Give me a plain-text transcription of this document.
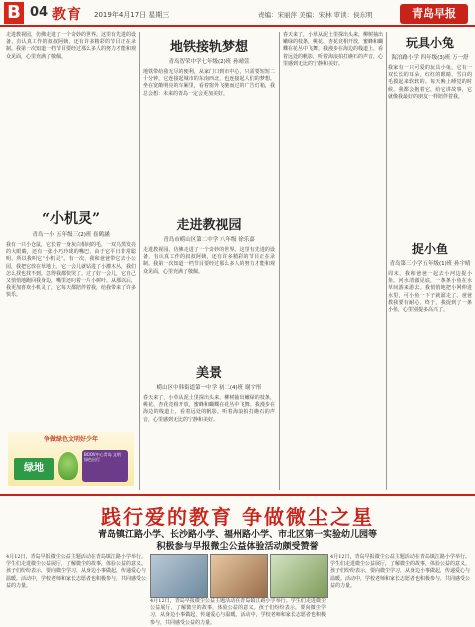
B 04 教育 2019年4月17日 星期三	责编：宋丽萍 美编：宋林 审读：侯东明	青岛早报
“小机灵”
青岛一小 五年级三(2)班 崔鹤涵
我有一只小仓鼠，它长着一身灰白相间的毛，一双乌黑发亮的大眼睛，还有一张小巧玲珑的嘴巴，由于它平日非常聪明，所以我叫它“小机灵”。有一次，我和爸爸带它去小公园，我把它放在草地上，它一会儿就钻进了小灌木丛，我们怎么找也找不到，急得我都快哭了。过了好一会儿，它自己又悄悄地跑回我身边，嘴里还叼着一片小树叶。从那以后，我更加喜欢小机灵了，它每天都陪伴着我，给我带来了许多快乐。
走进教视园，仿佛走进了一个奇妙的世界。这里有先进的设备，有认真工作的叔叔阿姨，还有许多精彩的节目正在录制。我第一次知道一档节目要经过那么多人的努力才能和观众见面，心里充满了敬佩。
争做绿色文明好少年
绿地
BOOV中心青岛 文明 绿色出行
地铁接轨梦想
青岛智荣中学七年级(2)班 孙晴萱
地铁带给我无尽的便利，从家门口到市中心，只需要短短二十分钟，它连接起城市的东南西北，也连接起人们的梦想。坐在宽敞明亮的车厢里，看着窗外飞驰而过的广告灯箱，我总会想：未来的青岛一定会更加美好。
走进教视园
青岛市崂山区第二中学 八年级 徐乐嘉
走进教视园，仿佛走进了一个奇妙的世界。这里有先进的设备，有认真工作的叔叔阿姨，还有许多精彩的节目正在录制。我第一次知道一档节目要经过那么多人的努力才能和观众见面，心里充满了敬佩。
美景
崂山区中韩街道第一中学 初二(4)班 谢宇彤
春天来了，小草从泥土里探出头来，柳树抽出嫩绿的枝条，桃花、杏花竞相开放，蜜蜂和蝴蝶在花丛中飞舞。我漫步在海边的栈道上，看着远处的帆影，听着海浪拍打礁石的声音，心里感到无比的宁静和美好。
春天来了，小草从泥土里探出头来，柳树抽出嫩绿的枝条，桃花、杏花竞相开放，蜜蜂和蝴蝶在花丛中飞舞。我漫步在海边的栈道上，看着远处的帆影，听着海浪拍打礁石的声音，心里感到无比的宁静和美好。
玩具小兔
海泊路小学 四年级(3)班 万一舒
我家有一只可爱的玩具小兔，它有一双长长的耳朵，红红的眼睛，雪白的毛摸起来软软的。每天晚上睡觉的时候，我都会抱着它，给它讲故事，它就像我最好的朋友一样陪伴着我。
捉小鱼
青岛第三小学五年级(1)班 孙宇晴
周末，我和爸爸一起去小河边捉小鱼。河水清澈见底，一条条小鱼在水草间游来游去。我悄悄地把小网伸进水里，可小鱼一下子就溜走了。爸爸教我要有耐心，终于，我捉到了一条小鱼，心里别提多高兴了。
践行爱的教育 争做微尘之星
青岛镇江路小学、长沙路小学、福州路小学、市北区第一实验幼儿园等
积极参与早报微尘公益体验活动颇受赞誉
4月12日，青岛早报微尘公益主题活动在青岛镇江路小学举行。学生们走进微尘公益展厅，了解微尘的故事，体验公益的意义。孩子们纷纷表示，要向微尘学习，从身边小事做起，传递爱心与温暖。活动中，学校老师和家长志愿者也积极参与，共同感受公益的力量。
4月12日，青岛早报微尘公益主题活动在青岛镇江路小学举行。学生们走进微尘公益展厅，了解微尘的故事，体验公益的意义。孩子们纷纷表示，要向微尘学习，从身边小事做起，传递爱心与温暖。活动中，学校老师和家长志愿者也积极参与，共同感受公益的力量。
4月12日，青岛早报微尘公益主题活动在青岛镇江路小学举行。学生们走进微尘公益展厅，了解微尘的故事，体验公益的意义。孩子们纷纷表示，要向微尘学习，从身边小事做起，传递爱心与温暖。活动中，学校老师和家长志愿者也积极参与，共同感受公益的力量。
